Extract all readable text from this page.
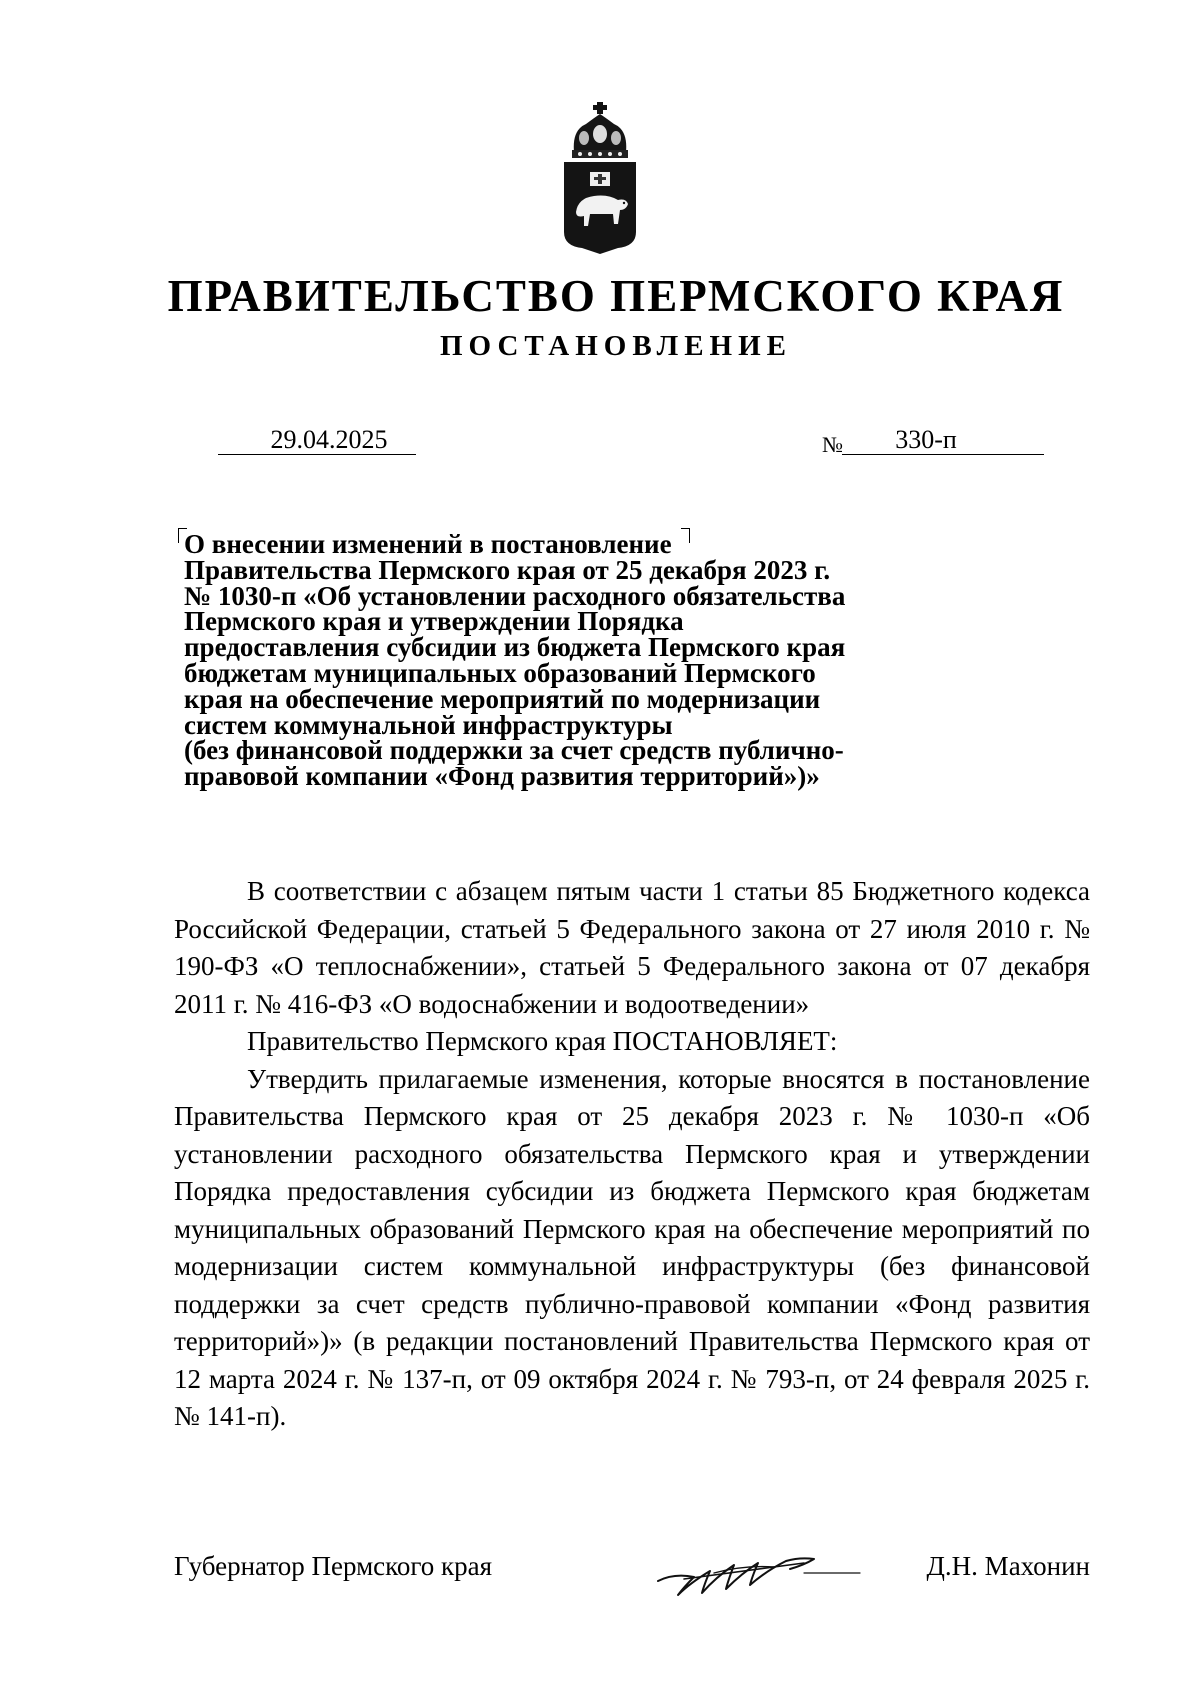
ПРАВИТЕЛЬСТВО ПЕРМСКОГО КРАЯ
ПОСТАНОВЛЕНИЕ
29.04.2025	№	330-п
О внесении изменений в постановление
Правительства Пермского края от 25 декабря 2023 г.
№ 1030-п «Об установлении расходного обязательства
Пермского края и утверждении Порядка
предоставления субсидии из бюджета Пермского края
бюджетам муниципальных образований Пермского
края на обеспечение мероприятий по модернизации
систем коммунальной инфраструктуры
(без финансовой поддержки за счет средств публично-
правовой компании «Фонд развития территорий»)»

В соответствии с абзацем пятым части 1 статьи 85 Бюджетного кодекса Российской Федерации, статьей 5 Федерального закона от 27 июля 2010 г. № 190-ФЗ «О теплоснабжении», статьей 5 Федерального закона от 07 декабря 2011 г. № 416-ФЗ «О водоснабжении и водоотведении»

Правительство Пермского края ПОСТАНОВЛЯЕТ:

Утвердить прилагаемые изменения, которые вносятся в постановление Правительства Пермского края от 25 декабря 2023 г. № 1030-п «Об установлении расходного обязательства Пермского края и утверждении Порядка предоставления субсидии из бюджета Пермского края бюджетам муниципальных образований Пермского края на обеспечение мероприятий по модернизации систем коммунальной инфраструктуры (без финансовой поддержки за счет средств публично-правовой компании «Фонд развития территорий»)» (в редакции постановлений Правительства Пермского края от 12 марта 2024 г. № 137-п, от 09 октября 2024 г. № 793-п, от 24 февраля 2025 г. № 141-п).

Губернатор Пермского края	Д.Н. Махонин
